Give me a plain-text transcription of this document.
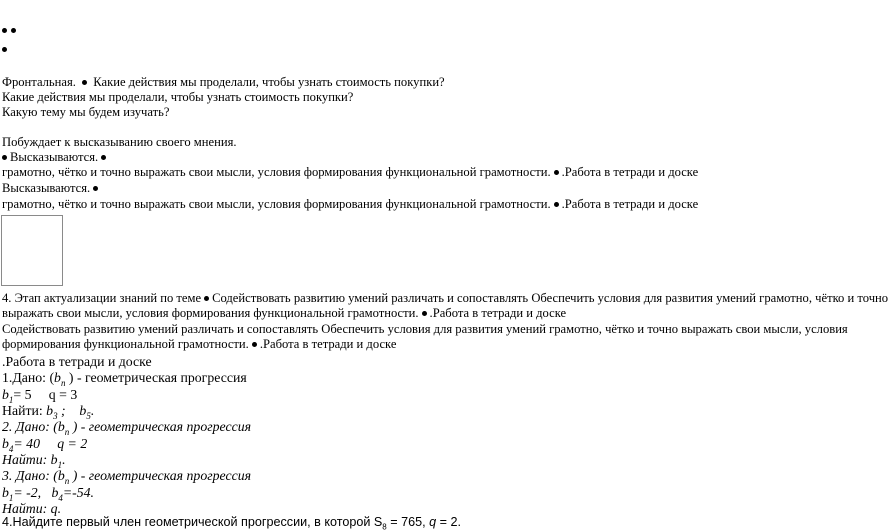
Фронтальная. Какие действия мы проделали, чтобы узнать стоимость покупки?
Какие действия мы проделали, чтобы узнать стоимость покупки?
Какую тему мы будем изучать?
Побуждает к высказыванию своего мнения.
Высказываются.
грамотно, чётко и точно выражать свои мысли, условия формирования функциональной грамотности. .Работа в тетради и доске
Высказываются.
грамотно, чётко и точно выражать свои мысли, условия формирования функциональной грамотности. .Работа в тетради и доске
4. Этап актуализации знаний по теме Содействовать развитию умений различать и сопоставлять Обеспечить условия для развития умений грамотно, чётко и точно
выражать свои мысли, условия формирования функциональной грамотности. .Работа в тетради и доске
Содействовать развитию умений различать и сопоставлять Обеспечить условия для развития умений грамотно, чётко и точно выражать свои мысли, условия
формирования функциональной грамотности. .Работа в тетради и доске
.Работа в тетради и доске
1.Дано: ($b_n$ ) - геометрическая прогрессия
$b_1= 5$     q = 3
Найти: $b_3$ ;    $b_5$.
2. Дано: ($b_n$ ) - геометрическая прогрессия
$b_4= 40$     q = 2
Найти: $b_1$.
3. Дано: ($b_n$ ) - геометрическая прогрессия
$b_1= -2$,   $b_4=-54$.
Найти: q.
4.Найдите первый член геометрической прогрессии, в которой $S_8 = 765$, q = 2.
